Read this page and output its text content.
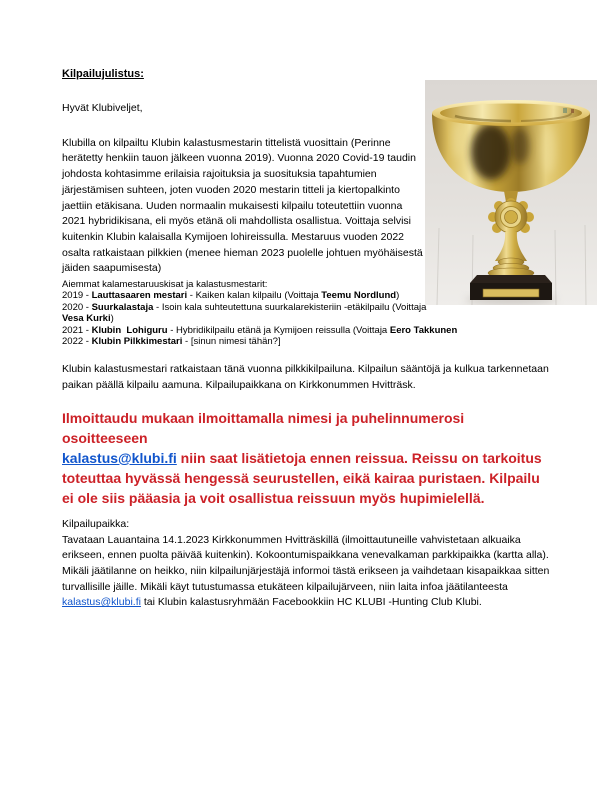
Kilpailujulistus:

Hyvät Klubiveljet,
Klubilla on kilpailtu Klubin kalastusmestarin tittelistä vuosittain (Perinne herätetty henkiin tauon jälkeen vuonna 2019). Vuonna 2020 Covid-19 taudin johdosta kohtasimme erilaisia rajoituksia ja suosituksia tapahtumien järjestämisen suhteen, joten vuoden 2020 mestarin titteli ja kiertopalkinto jaettiin etäkisana. Uuden normaalin mukaisesti kilpailu toteutettiin vuonna 2021 hybridikisana, eli myös etänä oli mahdollista osallistua. Voittaja selvisi kuitenkin Klubin kalaisalla Kymijoen lohireissulla. Mestaruus vuoden 2022 osalta ratkaistaan pilkkien (menee hieman 2023 puolelle johtuen myöhäisestä jäiden saapumisesta)
Aiemmat kalamestaruuskisat ja kalastusmestarit:
2019 - Lauttasaaren mestari - Kaiken kalan kilpailu (Voittaja Teemu Nordlund)
2020 - Suurkalastaja - Isoin kala suhteutettuna suurkalarekisteriin -etäkilpailu (Voittaja
Vesa Kurki)
2021 - Klubin  Lohiguru - Hybridikilpailu etänä ja Kymijoen reissulla (Voittaja Eero Takkunen
2022 - Klubin Pilkkimestari - [sinun nimesi tähän?]
Klubin kalastusmestari ratkaistaan tänä vuonna pilkkikilpailuna. Kilpailun sääntöjä ja kulkua tarkennetaan paikan päällä kilpailu aamuna. Kilpailupaikkana on Kirkkonummen Hvitträsk.
Ilmoittaudu mukaan ilmoittamalla nimesi ja puhelinnumerosi
osoitteeseen
kalastus@klubi.fi niin saat lisätietoja ennen reissua. Reissu on tarkoitus toteuttaa hyvässä hengessä seurustellen, eikä kairaa puristaen. Kilpailu ei ole siis pääasia ja voit osallistua reissuun myös hupimielellä.
Kilpailupaikka:
Tavataan Lauantaina 14.1.2023 Kirkkonummen Hvitträskillä (ilmoittautuneille vahvistetaan alkuaika erikseen, ennen puolta päivää kuitenkin). Kokoontumispaikkana venevalkaman parkkipaikka (kartta alla). Mikäli jäätilanne on heikko, niin kilpailunjärjestäjä informoi tästä erikseen ja vaihdetaan kisapaikkaa sitten turvallisille jäille. Mikäli käyt tutustumassa etukäteen kilpailujärveen, niin laita infoa jäätilanteesta kalastus@klubi.fi tai Klubin kalastusryhmään Facebookkiin HC KLUBI -Hunting Club Klubi.
